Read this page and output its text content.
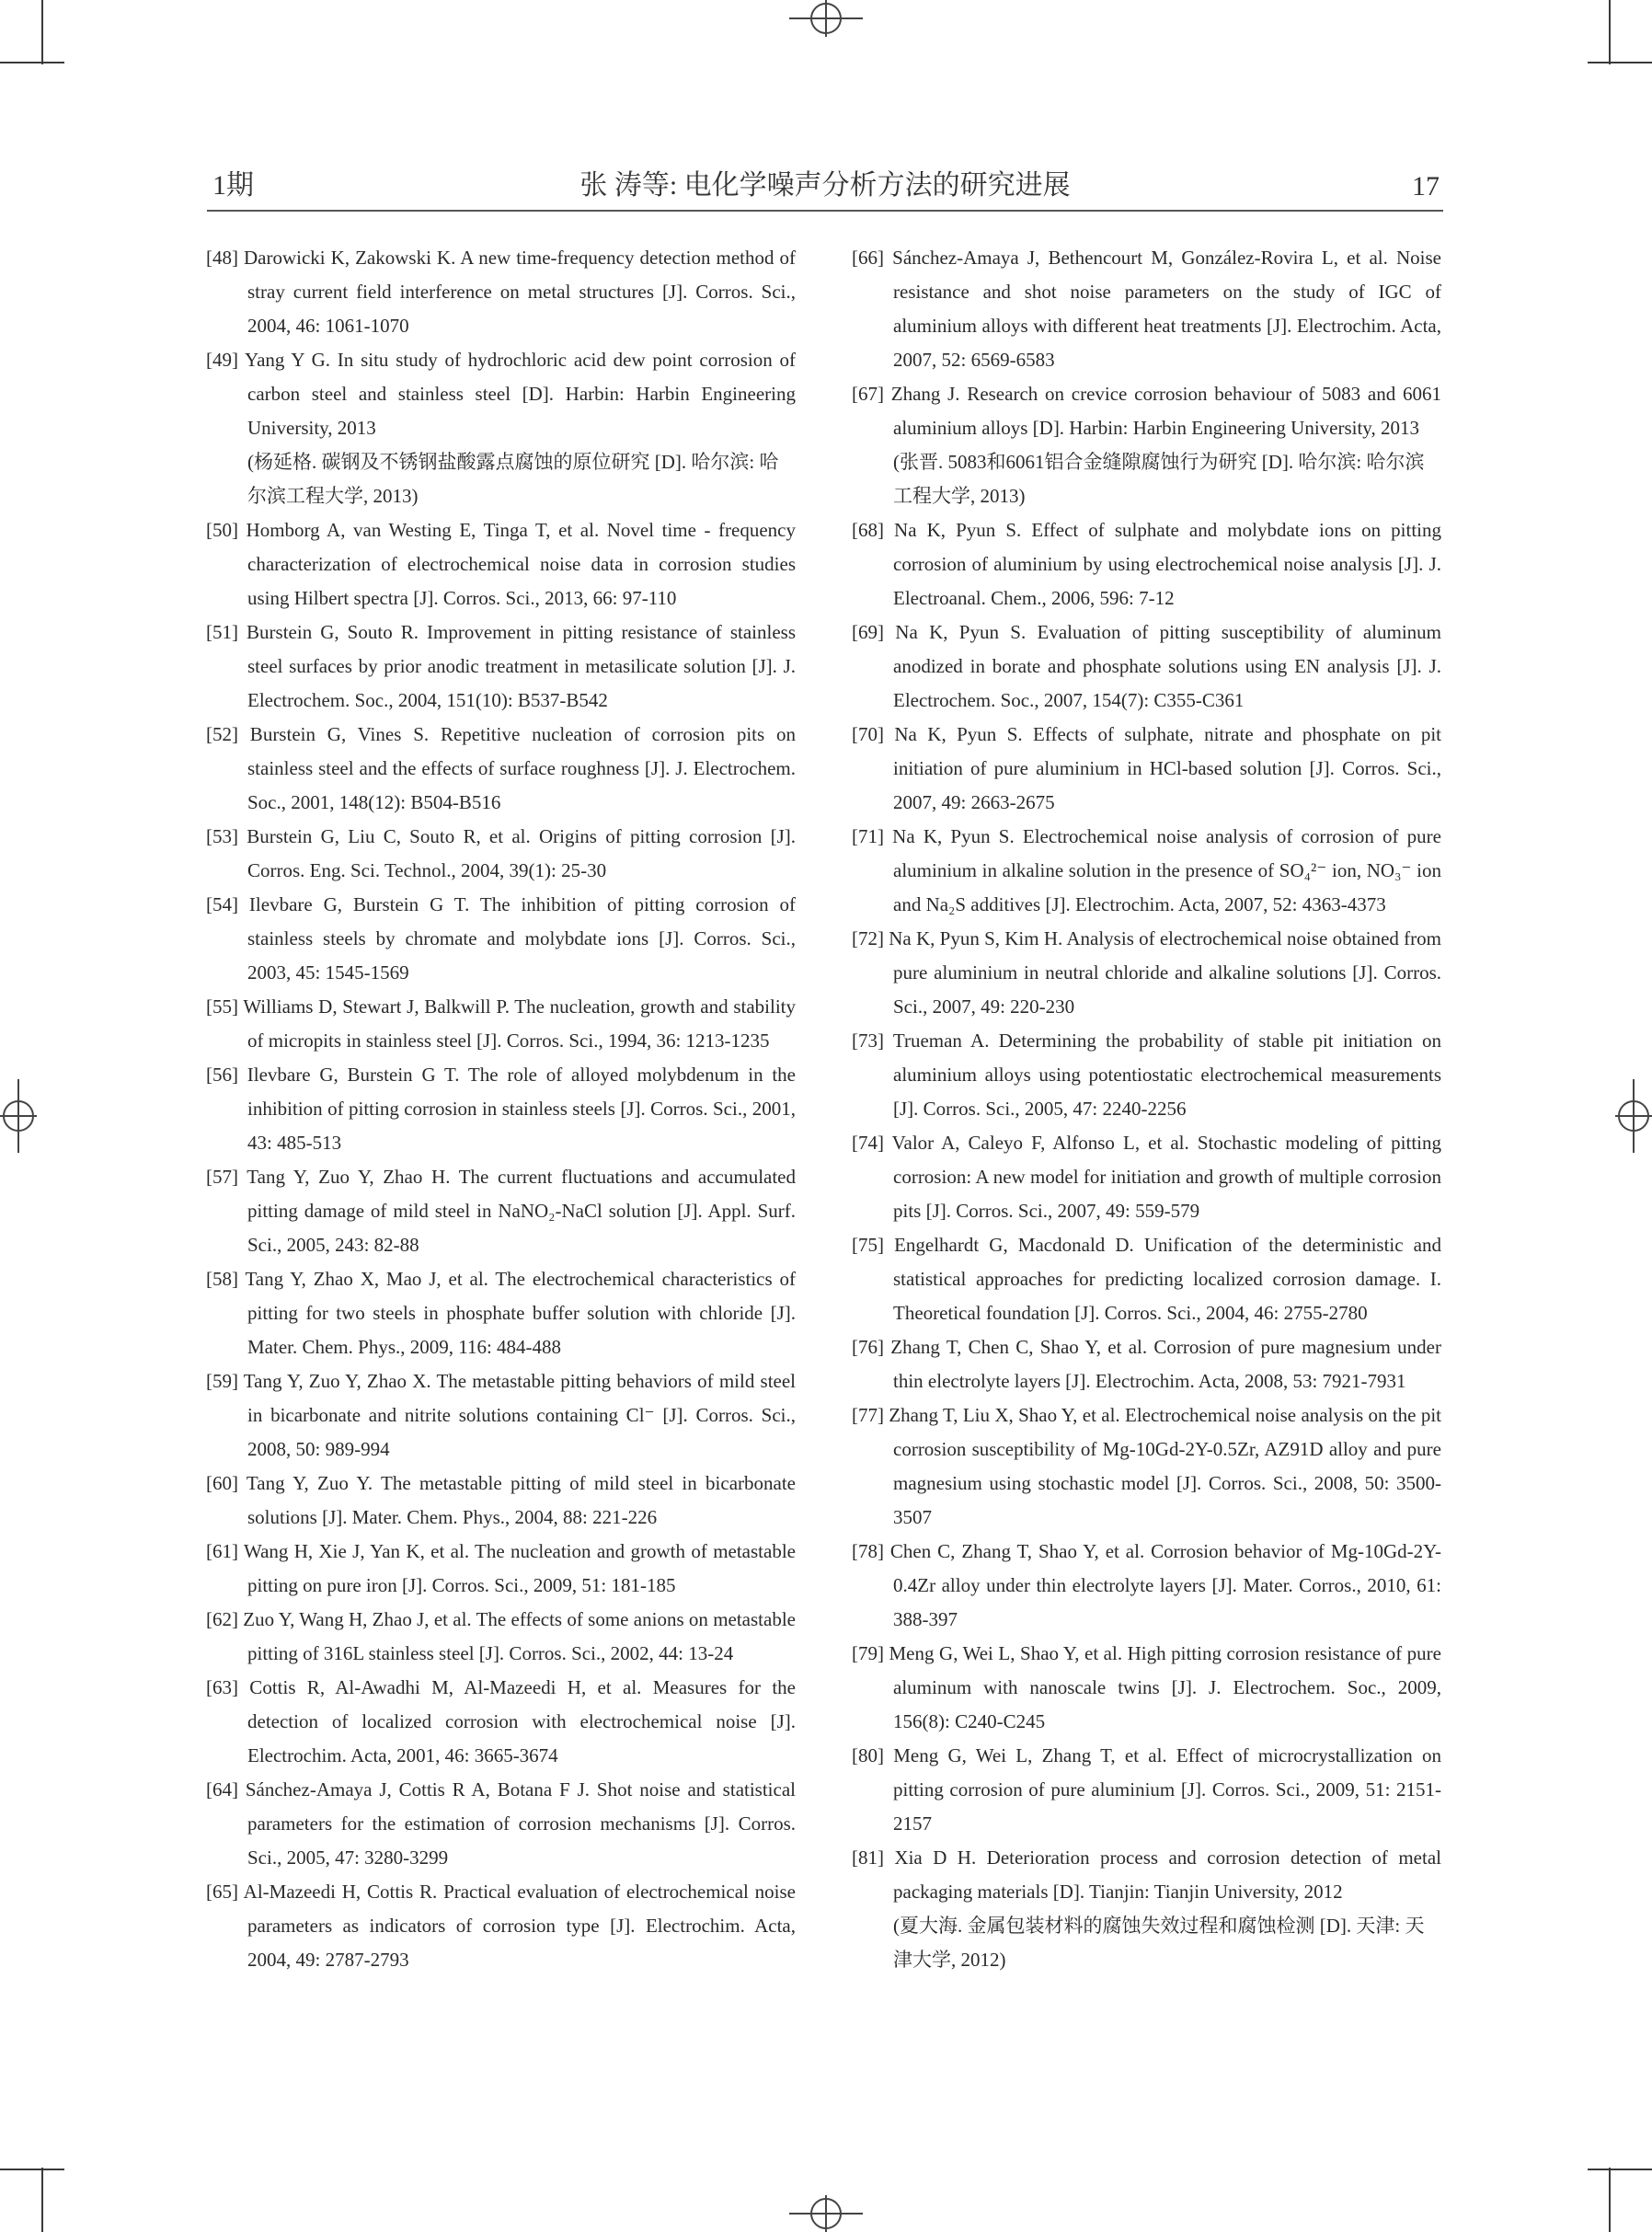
1期	张 涛等: 电化学噪声分析方法的研究进展	17

[48] Darowicki K, Zakowski K. A new time-frequency detection method of stray current field interference on metal structures [J]. Corros. Sci., 2004, 46: 1061-1070

[49] Yang Y G. In situ study of hydrochloric acid dew point corrosion of carbon steel and stainless steel [D]. Harbin: Harbin Engineering University, 2013
(杨延格. 碳钢及不锈钢盐酸露点腐蚀的原位研究 [D]. 哈尔滨: 哈尔滨工程大学, 2013)

[50] Homborg A, van Westing E, Tinga T, et al. Novel time - frequency characterization of electrochemical noise data in corrosion studies using Hilbert spectra [J]. Corros. Sci., 2013, 66: 97-110

[51] Burstein G, Souto R. Improvement in pitting resistance of stainless steel surfaces by prior anodic treatment in metasilicate solution [J]. J. Electrochem. Soc., 2004, 151(10): B537-B542

[52] Burstein G, Vines S. Repetitive nucleation of corrosion pits on stainless steel and the effects of surface roughness [J]. J. Electrochem. Soc., 2001, 148(12): B504-B516

[53] Burstein G, Liu C, Souto R, et al. Origins of pitting corrosion [J]. Corros. Eng. Sci. Technol., 2004, 39(1): 25-30

[54] Ilevbare G, Burstein G T. The inhibition of pitting corrosion of stainless steels by chromate and molybdate ions [J]. Corros. Sci., 2003, 45: 1545-1569

[55] Williams D, Stewart J, Balkwill P. The nucleation, growth and stability of micropits in stainless steel [J]. Corros. Sci., 1994, 36: 1213-1235

[56] Ilevbare G, Burstein G T. The role of alloyed molybdenum in the inhibition of pitting corrosion in stainless steels [J]. Corros. Sci., 2001, 43: 485-513

[57] Tang Y, Zuo Y, Zhao H. The current fluctuations and accumulated pitting damage of mild steel in NaNO₂-NaCl solution [J]. Appl. Surf. Sci., 2005, 243: 82-88

[58] Tang Y, Zhao X, Mao J, et al. The electrochemical characteristics of pitting for two steels in phosphate buffer solution with chloride [J]. Mater. Chem. Phys., 2009, 116: 484-488

[59] Tang Y, Zuo Y, Zhao X. The metastable pitting behaviors of mild steel in bicarbonate and nitrite solutions containing Cl⁻ [J]. Corros. Sci., 2008, 50: 989-994

[60] Tang Y, Zuo Y. The metastable pitting of mild steel in bicarbonate solutions [J]. Mater. Chem. Phys., 2004, 88: 221-226

[61] Wang H, Xie J, Yan K, et al. The nucleation and growth of metastable pitting on pure iron [J]. Corros. Sci., 2009, 51: 181-185

[62] Zuo Y, Wang H, Zhao J, et al. The effects of some anions on metastable pitting of 316L stainless steel [J]. Corros. Sci., 2002, 44: 13-24

[63] Cottis R, Al-Awadhi M, Al-Mazeedi H, et al. Measures for the detection of localized corrosion with electrochemical noise [J]. Electrochim. Acta, 2001, 46: 3665-3674

[64] Sánchez-Amaya J, Cottis R A, Botana F J. Shot noise and statistical parameters for the estimation of corrosion mechanisms [J]. Corros. Sci., 2005, 47: 3280-3299

[65] Al-Mazeedi H, Cottis R. Practical evaluation of electrochemical noise parameters as indicators of corrosion type [J]. Electrochim. Acta, 2004, 49: 2787-2793

[66] Sánchez-Amaya J, Bethencourt M, González-Rovira L, et al. Noise resistance and shot noise parameters on the study of IGC of aluminium alloys with different heat treatments [J]. Electrochim. Acta, 2007, 52: 6569-6583

[67] Zhang J. Research on crevice corrosion behaviour of 5083 and 6061 aluminium alloys [D]. Harbin: Harbin Engineering University, 2013
(张晋. 5083和6061铝合金缝隙腐蚀行为研究 [D]. 哈尔滨: 哈尔滨工程大学, 2013)

[68] Na K, Pyun S. Effect of sulphate and molybdate ions on pitting corrosion of aluminium by using electrochemical noise analysis [J]. J. Electroanal. Chem., 2006, 596: 7-12

[69] Na K, Pyun S. Evaluation of pitting susceptibility of aluminum anodized in borate and phosphate solutions using EN analysis [J]. J. Electrochem. Soc., 2007, 154(7): C355-C361

[70] Na K, Pyun S. Effects of sulphate, nitrate and phosphate on pit initiation of pure aluminium in HCl-based solution [J]. Corros. Sci., 2007, 49: 2663-2675

[71] Na K, Pyun S. Electrochemical noise analysis of corrosion of pure aluminium in alkaline solution in the presence of SO₄²⁻ ion, NO₃⁻ ion and Na₂S additives [J]. Electrochim. Acta, 2007, 52: 4363-4373

[72] Na K, Pyun S, Kim H. Analysis of electrochemical noise obtained from pure aluminium in neutral chloride and alkaline solutions [J]. Corros. Sci., 2007, 49: 220-230

[73] Trueman A. Determining the probability of stable pit initiation on aluminium alloys using potentiostatic electrochemical measurements [J]. Corros. Sci., 2005, 47: 2240-2256

[74] Valor A, Caleyo F, Alfonso L, et al. Stochastic modeling of pitting corrosion: A new model for initiation and growth of multiple corrosion pits [J]. Corros. Sci., 2007, 49: 559-579

[75] Engelhardt G, Macdonald D. Unification of the deterministic and statistical approaches for predicting localized corrosion damage. I. Theoretical foundation [J]. Corros. Sci., 2004, 46: 2755-2780

[76] Zhang T, Chen C, Shao Y, et al. Corrosion of pure magnesium under thin electrolyte layers [J]. Electrochim. Acta, 2008, 53: 7921-7931

[77] Zhang T, Liu X, Shao Y, et al. Electrochemical noise analysis on the pit corrosion susceptibility of Mg-10Gd-2Y-0.5Zr, AZ91D alloy and pure magnesium using stochastic model [J]. Corros. Sci., 2008, 50: 3500-3507

[78] Chen C, Zhang T, Shao Y, et al. Corrosion behavior of Mg-10Gd-2Y-0.4Zr alloy under thin electrolyte layers [J]. Mater. Corros., 2010, 61: 388-397

[79] Meng G, Wei L, Shao Y, et al. High pitting corrosion resistance of pure aluminum with nanoscale twins [J]. J. Electrochem. Soc., 2009, 156(8): C240-C245

[80] Meng G, Wei L, Zhang T, et al. Effect of microcrystallization on pitting corrosion of pure aluminium [J]. Corros. Sci., 2009, 51: 2151-2157

[81] Xia D H. Deterioration process and corrosion detection of metal packaging materials [D]. Tianjin: Tianjin University, 2012
(夏大海. 金属包装材料的腐蚀失效过程和腐蚀检测 [D]. 天津: 天津大学, 2012)
